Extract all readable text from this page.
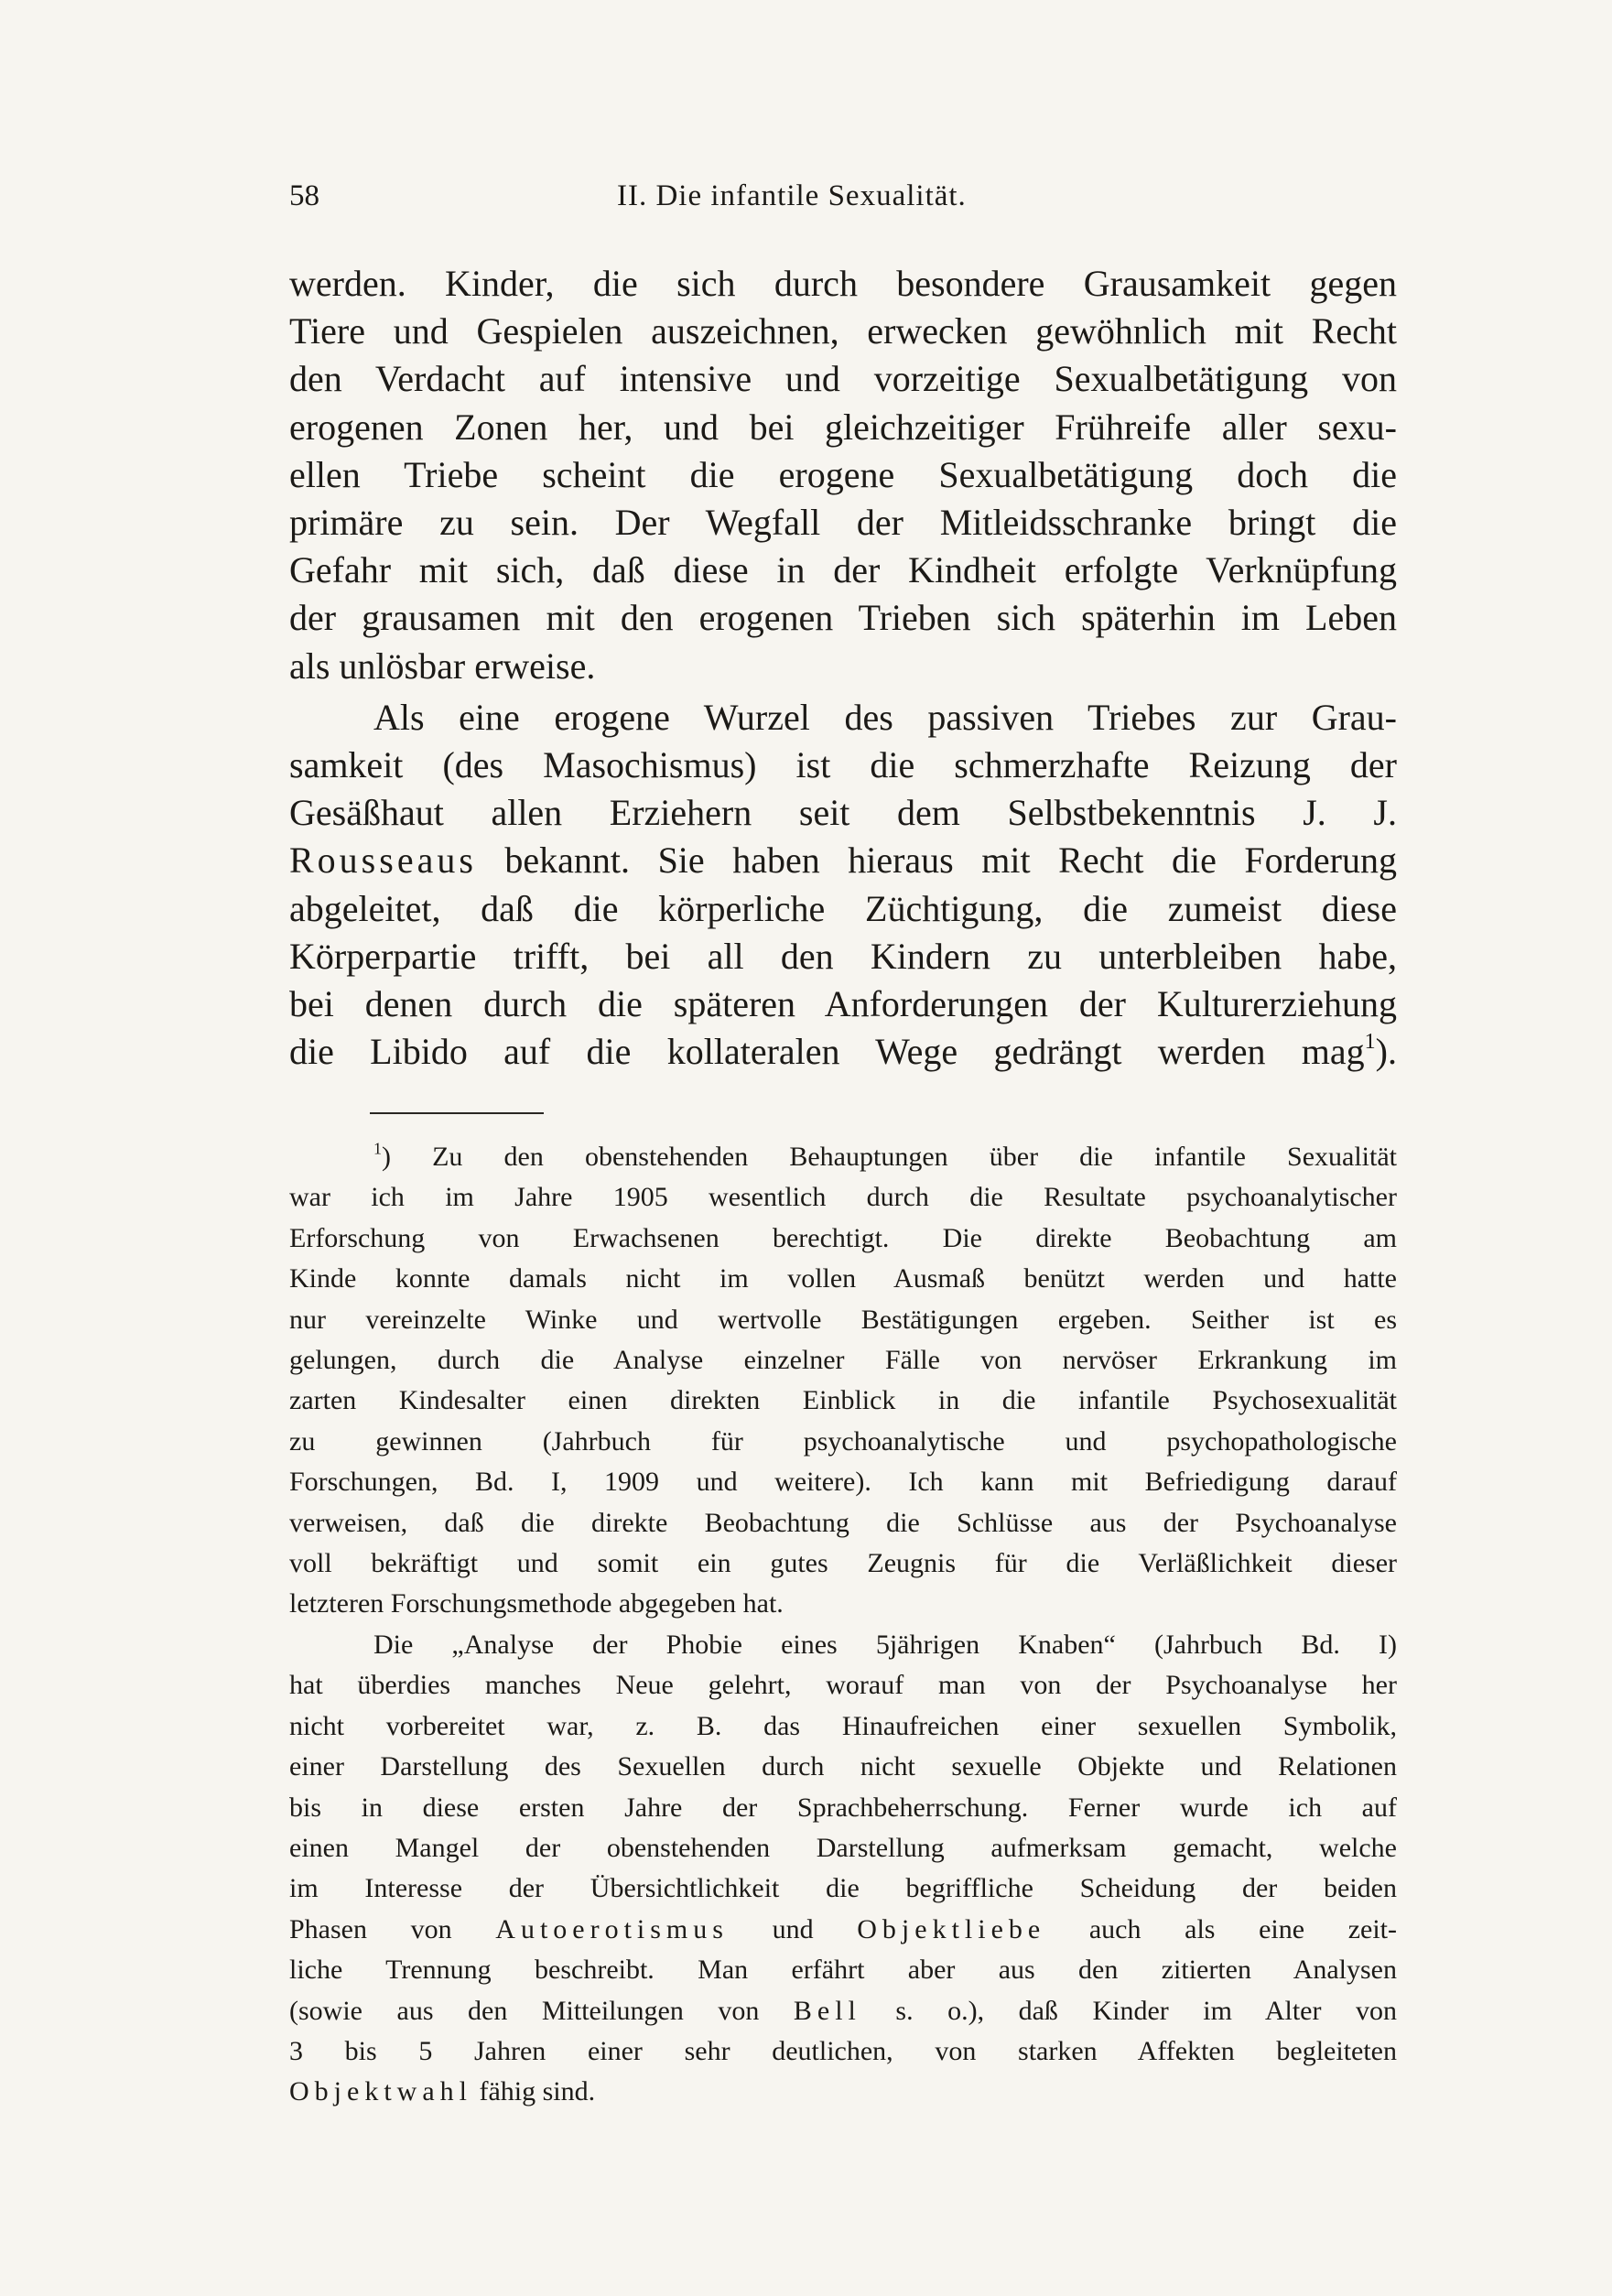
58	II. Die infantile Sexualität.
werden. Kinder, die sich durch besondere Grausamkeit gegen
Tiere und Gespielen auszeichnen, erwecken gewöhnlich mit Recht
den Verdacht auf intensive und vorzeitige Sexualbetätigung von
erogenen Zonen her, und bei gleichzeitiger Frühreife aller sexu-
ellen Triebe scheint die erogene Sexualbetätigung doch die
primäre zu sein. Der Wegfall der Mitleidsschranke bringt die
Gefahr mit sich, daß diese in der Kindheit erfolgte Verknüpfung
der grausamen mit den erogenen Trieben sich späterhin im Leben
als unlösbar erweise.
Als eine erogene Wurzel des passiven Triebes zur Grau-
samkeit (des Masochismus) ist die schmerzhafte Reizung der
Gesäßhaut allen Erziehern seit dem Selbstbekenntnis J. J.
Rousseaus bekannt. Sie haben hieraus mit Recht die Forderung
abgeleitet, daß die körperliche Züchtigung, die zumeist diese
Körperpartie trifft, bei all den Kindern zu unterbleiben habe,
bei denen durch die späteren Anforderungen der Kulturerziehung
die Libido auf die kollateralen Wege gedrängt werden mag$^1$).
$^1$) Zu den obenstehenden Behauptungen über die infantile Sexualität
war ich im Jahre 1905 wesentlich durch die Resultate psychoanalytischer
Erforschung von Erwachsenen berechtigt. Die direkte Beobachtung am
Kinde konnte damals nicht im vollen Ausmaß benützt werden und hatte
nur vereinzelte Winke und wertvolle Bestätigungen ergeben. Seither ist es
gelungen, durch die Analyse einzelner Fälle von nervöser Erkrankung im
zarten Kindesalter einen direkten Einblick in die infantile Psychosexualität
zu gewinnen (Jahrbuch für psychoanalytische und psychopathologische
Forschungen, Bd. I, 1909 und weitere). Ich kann mit Befriedigung darauf
verweisen, daß die direkte Beobachtung die Schlüsse aus der Psychoanalyse
voll bekräftigt und somit ein gutes Zeugnis für die Verläßlichkeit dieser
letzteren Forschungsmethode abgegeben hat.
Die „Analyse der Phobie eines 5jährigen Knaben“ (Jahrbuch Bd. I)
hat überdies manches Neue gelehrt, worauf man von der Psychoanalyse her
nicht vorbereitet war, z. B. das Hinaufreichen einer sexuellen Symbolik,
einer Darstellung des Sexuellen durch nicht sexuelle Objekte und Relationen
bis in diese ersten Jahre der Sprachbeherrschung. Ferner wurde ich auf
einen Mangel der obenstehenden Darstellung aufmerksam gemacht, welche
im Interesse der Übersichtlichkeit die begriffliche Scheidung der beiden
Phasen von Autoerotismus und Objektliebe auch als eine zeit-
liche Trennung beschreibt. Man erfährt aber aus den zitierten Analysen
(sowie aus den Mitteilungen von Bell s. o.), daß Kinder im Alter von
3 bis 5 Jahren einer sehr deutlichen, von starken Affekten begleiteten
Objektwahl fähig sind.
